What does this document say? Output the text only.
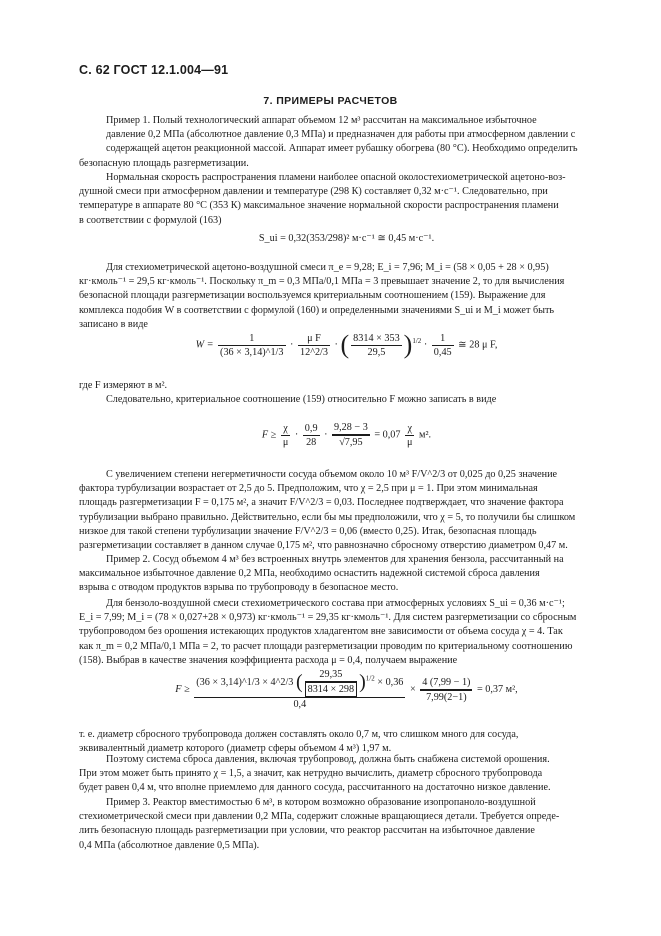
С. 62 ГОСТ 12.1.004—91
7. ПРИМЕРЫ РАСЧЕТОВ
Пример 1. Полый технологический аппарат объемом 12 м³ рассчитан на максимальное избыточное
давление 0,2 МПа (абсолютное давление 0,3 МПа) и предназначен для работы при атмосферном давлении с
содержащей ацетон реакционной массой. Аппарат имеет рубашку обогрева (80 °С). Необходимо определить
безопасную площадь разгерметизации.
Нормальная скорость распространения пламени наиболее опасной околостехиометрической ацетоно-воз-
душной смеси при атмосферном давлении и температуре (298 К) составляет 0,32 м·с⁻¹. Следовательно, при
температуре в аппарате 80 °С (353 К) максимальное значение нормальной скорости распространения пламени
в соответствии с формулой (163)
S_ui = 0,32(353/298)² м·с⁻¹ ≅ 0,45 м·с⁻¹.
Для стехиометрической ацетоно-воздушной смеси π_e = 9,28; E_i = 7,96; M_i = (58 × 0,05 + 28 × 0,95)
кг·кмоль⁻¹ = 29,5 кг·кмоль⁻¹. Поскольку π_m = 0,3 МПа/0,1 МПа = 3 превышает значение 2, то для вычисления
безопасной площади разгерметизации воспользуемся критериальным соотношением (159). Выражение для
комплекса подобия W в соответствии с формулой (160) и определенными значениями S_ui и M_i может быть
записано в виде
$W = \frac{1}{(36 \times 3,14)\^{}1/3} \cdot \frac{\text{μ F}}{12\^{}2/3}$ · ( $\frac{8314 \times 353}{29,5} )^{1/2} \cdot \frac{1}{0,45}$ ≅ 28 μ F,
где F измеряют в м².
Следовательно, критериальное соотношение (159) относительно F можно записать в виде
$F \ge \frac{\chi}{\mu} \cdot \frac{0,9}{28} \cdot \frac{9,28 - 3}{√7,95} = 0,07 \frac{\chi}{\mu} м^2$.
С увеличением степени негерметичности сосуда объемом около 10 м³ F/V^2/3 от 0,025 до 0,25 значение
фактора турбулизации возрастает от 2,5 до 5. Предположим, что χ = 2,5 при μ = 1. При этом минимальная
площадь разгерметизации F = 0,175 м², а значит F/V^2/3 = 0,03. Последнее подтверждает, что значение фактора
турбулизации выбрано правильно. Действительно, если бы мы предположили, что χ = 5, то получили бы слишком
низкое для такой степени турбулизации значение F/V^2/3 = 0,06 (вместо 0,25). Итак, безопасная площадь
разгерметизации составляет в данном случае 0,175 м², что равнозначно сбросному отверстию диаметром 0,47 м.
Пример 2. Сосуд объемом 4 м³ без встроенных внутрь элементов для хранения бензола, рассчитанный на
максимальное избыточное давление 0,2 МПа, необходимо оснастить надежной системой сброса давления
взрыва с отводом продуктов взрыва по трубопроводу в безопасное место.
Для бензоло-воздушной смеси стехиометрического состава при атмосферных условиях S_ui = 0,36 м·с⁻¹;
E_i = 7,99; M_i = (78 × 0,027+28 × 0,973) кг·кмоль⁻¹ = 29,35 кг·кмоль⁻¹. Для систем разгерметизации со сбросным
трубопроводом без орошения истекающих продуктов хладагентом вне зависимости от объема сосуда χ = 4. Так
как π_m = 0,2 МПа/0,1 МПа = 2, то расчет площади разгерметизации проводим по критериальному соотношению
(158). Выбрав в качестве значения коэффициента расхода μ = 0,4, получаем выражение
F ≥
(36 × 3,14)^1/3 × 4^2/3 ( $\frac{29,35}{8314 \times 298} )^{1/2} \times 0,36$
0,4
× $\frac{4 (7,99 - 1)}{7,99(2-1)} = 0,37$ м²,
т. е. диаметр сбросного трубопровода должен составлять около 0,7 м, что слишком много для сосуда,
эквивалентный диаметр которого (диаметр сферы объемом 4 м³) 1,97 м.
Поэтому система сброса давления, включая трубопровод, должна быть снабжена системой орошения.
При этом может быть принято χ = 1,5, а значит, как нетрудно вычислить, диаметр сбросного трубопровода
будет равен 0,4 м, что вполне приемлемо для данного сосуда, рассчитанного на достаточно низкое давление.
Пример 3. Реактор вместимостью 6 м³, в котором возможно образование изопропаноло-воздушной
стехиометрической смеси при давлении 0,2 МПа, содержит сложные вращающиеся детали. Требуется опреде-
лить безопасную площадь разгерметизации при условии, что реактор рассчитан на избыточное давление
0,4 МПа (абсолютное давление 0,5 МПа).
